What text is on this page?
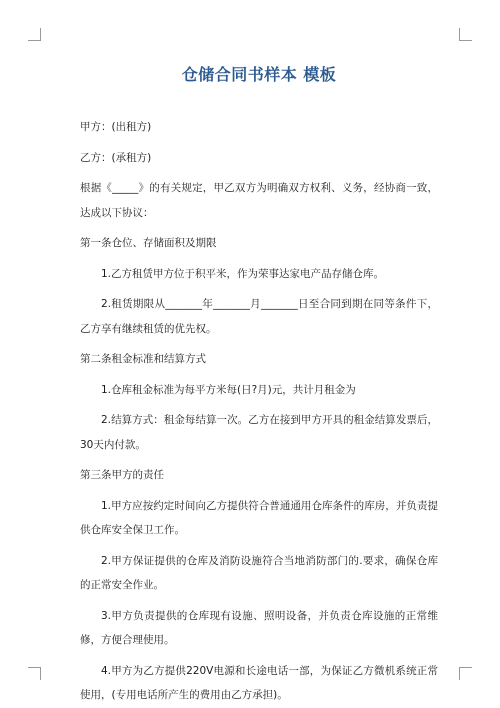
仓储合同书样本 模板

甲方：(出租方)

乙方：(承租方)

根据《_____》的有关规定，甲乙双方为明确双方权利、义务，经协商一致，达成以下协议：

第一条仓位、存储面积及期限

1.乙方租赁甲方位于积平米，作为荣事达家电产品存储仓库。

2.租赁期限从_______年_______月_______日至合同到期在同等条件下，乙方享有继续租赁的优先权。

第二条租金标准和结算方式

1.仓库租金标准为每平方米每(日?月)元，共计月租金为

2.结算方式：租金每结算一次。乙方在接到甲方开具的租金结算发票后，30天内付款。

第三条甲方的责任

1.甲方应按约定时间向乙方提供符合普通通用仓库条件的库房，并负责提供仓库安全保卫工作。

2.甲方保证提供的仓库及消防设施符合当地消防部门的.要求，确保仓库的正常安全作业。

3.甲方负责提供的仓库现有设施、照明设备，并负责仓库设施的正常维修，方便合理使用。

4.甲方为乙方提供220V电源和长途电话一部，为保证乙方微机系统正常使用，(专用电话所产生的费用由乙方承担)。
